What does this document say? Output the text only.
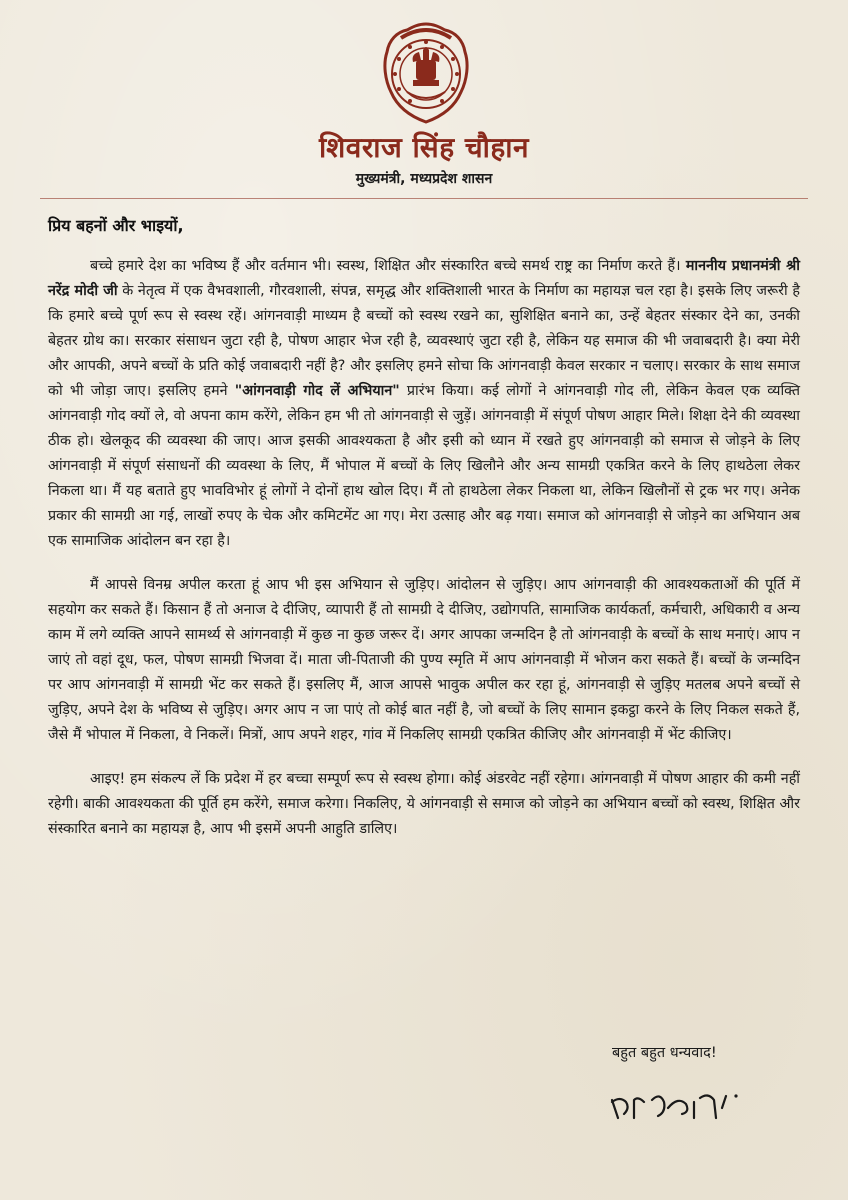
शिवराज सिंह चौहान
मुख्यमंत्री, मध्यप्रदेश शासन
प्रिय बहनों और भाइयों,

बच्चे हमारे देश का भविष्य हैं और वर्तमान भी। स्वस्थ, शिक्षित और संस्कारित बच्चे समर्थ राष्ट्र का निर्माण करते हैं। माननीय प्रधानमंत्री श्री नरेंद्र मोदी जी के नेतृत्व में एक वैभवशाली, गौरवशाली, संपन्न, समृद्ध और शक्तिशाली भारत के निर्माण का महायज्ञ चल रहा है। इसके लिए जरूरी है कि हमारे बच्चे पूर्ण रूप से स्वस्थ रहें। आंगनवाड़ी माध्यम है बच्चों को स्वस्थ रखने का, सुशिक्षित बनाने का, उन्हें बेहतर संस्कार देने का, उनकी बेहतर ग्रोथ का। सरकार संसाधन जुटा रही है, पोषण आहार भेज रही है, व्यवस्थाएं जुटा रही है, लेकिन यह समाज की भी जवाबदारी है। क्या मेरी और आपकी, अपने बच्चों के प्रति कोई जवाबदारी नहीं है? और इसलिए हमने सोचा कि आंगनवाड़ी केवल सरकार न चलाए। सरकार के साथ समाज को भी जोड़ा जाए। इसलिए हमने "आंगनवाड़ी गोद लें अभियान" प्रारंभ किया। कई लोगों ने आंगनवाड़ी गोद ली, लेकिन केवल एक व्यक्ति आंगनवाड़ी गोद क्यों ले, वो अपना काम करेंगे, लेकिन हम भी तो आंगनवाड़ी से जुड़ें। आंगनवाड़ी में संपूर्ण पोषण आहार मिले। शिक्षा देने की व्यवस्था ठीक हो। खेलकूद की व्यवस्था की जाए। आज इसकी आवश्यकता है और इसी को ध्यान में रखते हुए आंगनवाड़ी को समाज से जोड़ने के लिए आंगनवाड़ी में संपूर्ण संसाधनों की व्यवस्था के लिए, मैं भोपाल में बच्चों के लिए खिलौने और अन्य सामग्री एकत्रित करने के लिए हाथठेला लेकर निकला था। मैं यह बताते हुए भावविभोर हूं लोगों ने दोनों हाथ खोल दिए। मैं तो हाथठेला लेकर निकला था, लेकिन खिलौनों से ट्रक भर गए। अनेक प्रकार की सामग्री आ गई, लाखों रुपए के चेक और कमिटमेंट आ गए। मेरा उत्साह और बढ़ गया। समाज को आंगनवाड़ी से जोड़ने का अभियान अब एक सामाजिक आंदोलन बन रहा है।

मैं आपसे विनम्र अपील करता हूं आप भी इस अभियान से जुड़िए। आंदोलन से जुड़िए। आप आंगनवाड़ी की आवश्यकताओं की पूर्ति में सहयोग कर सकते हैं। किसान हैं तो अनाज दे दीजिए, व्यापारी हैं तो सामग्री दे दीजिए, उद्योगपति, सामाजिक कार्यकर्ता, कर्मचारी, अधिकारी व अन्य काम में लगे व्यक्ति आपने सामर्थ्य से आंगनवाड़ी में कुछ ना कुछ जरूर दें। अगर आपका जन्मदिन है तो आंगनवाड़ी के बच्चों के साथ मनाएं। आप न जाएं तो वहां दूध, फल, पोषण सामग्री भिजवा दें। माता जी-पिताजी की पुण्य स्मृति में आप आंगनवाड़ी में भोजन करा सकते हैं। बच्चों के जन्मदिन पर आप आंगनवाड़ी में सामग्री भेंट कर सकते हैं। इसलिए मैं, आज आपसे भावुक अपील कर रहा हूं, आंगनवाड़ी से जुड़िए मतलब अपने बच्चों से जुड़िए, अपने देश के भविष्य से जुड़िए। अगर आप न जा पाएं तो कोई बात नहीं है, जो बच्चों के लिए सामान इकट्ठा करने के लिए निकल सकते हैं, जैसे मैं भोपाल में निकला, वे निकलें। मित्रों, आप अपने शहर, गांव में निकलिए सामग्री एकत्रित कीजिए और आंगनवाड़ी में भेंट कीजिए।

आइए! हम संकल्प लें कि प्रदेश में हर बच्चा सम्पूर्ण रूप से स्वस्थ होगा। कोई अंडरवेट नहीं रहेगा। आंगनवाड़ी में पोषण आहार की कमी नहीं रहेगी। बाकी आवश्यकता की पूर्ति हम करेंगे, समाज करेगा। निकलिए, ये आंगनवाड़ी से समाज को जोड़ने का अभियान बच्चों को स्वस्थ, शिक्षित और संस्कारित बनाने का महायज्ञ है, आप भी इसमें अपनी आहुति डालिए।

बहुत बहुत धन्यवाद!
